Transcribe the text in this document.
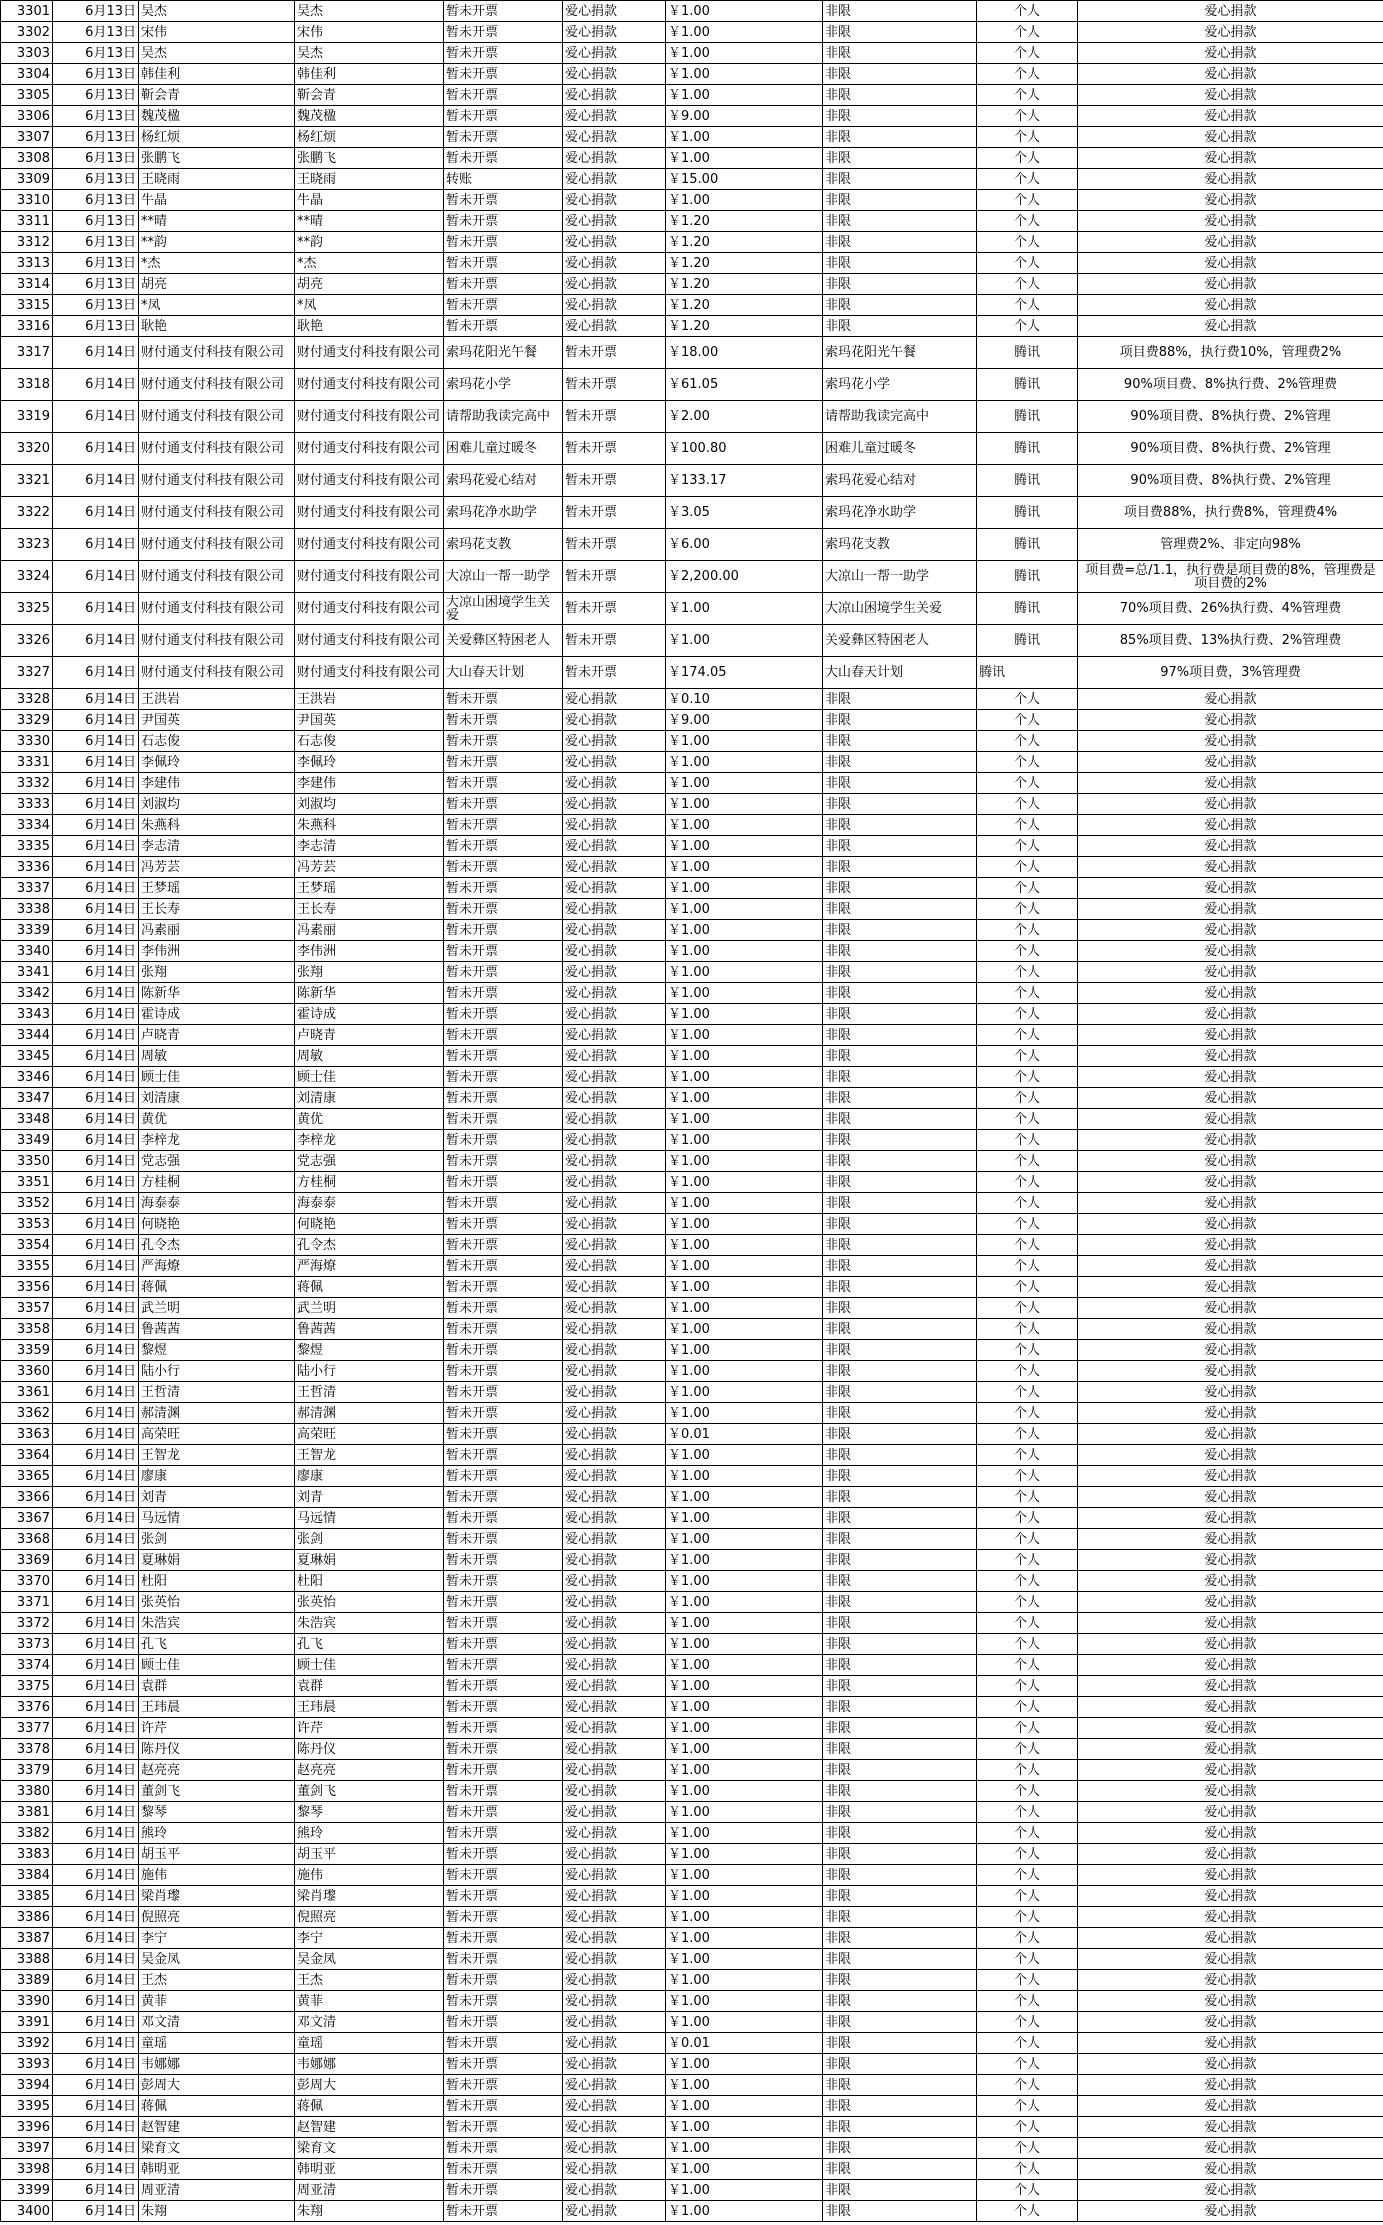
3301	6月13日	吴杰	吴杰	暂未开票	爱心捐款	￥1.00	非限	个人	爱心捐款
3302	6月13日	宋伟	宋伟	暂未开票	爱心捐款	￥1.00	非限	个人	爱心捐款
3303	6月13日	吴杰	吴杰	暂未开票	爱心捐款	￥1.00	非限	个人	爱心捐款
3304	6月13日	韩佳利	韩佳利	暂未开票	爱心捐款	￥1.00	非限	个人	爱心捐款
3305	6月13日	靳会青	靳会青	暂未开票	爱心捐款	￥1.00	非限	个人	爱心捐款
3306	6月13日	魏茂楹	魏茂楹	暂未开票	爱心捐款	￥9.00	非限	个人	爱心捐款
3307	6月13日	杨红烦	杨红烦	暂未开票	爱心捐款	￥1.00	非限	个人	爱心捐款
3308	6月13日	张鹏飞	张鹏飞	暂未开票	爱心捐款	￥1.00	非限	个人	爱心捐款
3309	6月13日	王晓雨	王晓雨	转账	爱心捐款	￥15.00	非限	个人	爱心捐款
3310	6月13日	牛晶	牛晶	暂未开票	爱心捐款	￥1.00	非限	个人	爱心捐款
3311	6月13日	**晴	**晴	暂未开票	爱心捐款	￥1.20	非限	个人	爱心捐款
3312	6月13日	**韵	**韵	暂未开票	爱心捐款	￥1.20	非限	个人	爱心捐款
3313	6月13日	*杰	*杰	暂未开票	爱心捐款	￥1.20	非限	个人	爱心捐款
3314	6月13日	胡亮	胡亮	暂未开票	爱心捐款	￥1.20	非限	个人	爱心捐款
3315	6月13日	*凤	*凤	暂未开票	爱心捐款	￥1.20	非限	个人	爱心捐款
3316	6月13日	耿艳	耿艳	暂未开票	爱心捐款	￥1.20	非限	个人	爱心捐款
3317	6月14日	财付通支付科技有限公司	财付通支付科技有限公司	索玛花阳光午餐	暂未开票	￥18.00	索玛花阳光午餐	腾讯	项目费88%，执行费10%，管理费2%
3318	6月14日	财付通支付科技有限公司	财付通支付科技有限公司	索玛花小学	暂未开票	￥61.05	索玛花小学	腾讯	90%项目费、8%执行费、2%管理费
3319	6月14日	财付通支付科技有限公司	财付通支付科技有限公司	请帮助我读完高中	暂未开票	￥2.00	请帮助我读完高中	腾讯	90%项目费、8%执行费、2%管理
3320	6月14日	财付通支付科技有限公司	财付通支付科技有限公司	困难儿童过暖冬	暂未开票	￥100.80	困难儿童过暖冬	腾讯	90%项目费、8%执行费、2%管理
3321	6月14日	财付通支付科技有限公司	财付通支付科技有限公司	索玛花爱心结对	暂未开票	￥133.17	索玛花爱心结对	腾讯	90%项目费、8%执行费、2%管理
3322	6月14日	财付通支付科技有限公司	财付通支付科技有限公司	索玛花净水助学	暂未开票	￥3.05	索玛花净水助学	腾讯	项目费88%，执行费8%，管理费4%
3323	6月14日	财付通支付科技有限公司	财付通支付科技有限公司	索玛花支教	暂未开票	￥6.00	索玛花支教	腾讯	管理费2%、非定向98%
3324	6月14日	财付通支付科技有限公司	财付通支付科技有限公司	大凉山一帮一助学	暂未开票	￥2,200.00	大凉山一帮一助学	腾讯	项目费=总/1.1，执行费是项目费的8%，管理费是项目费的2%
3325	6月14日	财付通支付科技有限公司	财付通支付科技有限公司	大凉山困境学生关爱	暂未开票	￥1.00	大凉山困境学生关爱	腾讯	70%项目费、26%执行费、4%管理费
3326	6月14日	财付通支付科技有限公司	财付通支付科技有限公司	关爱彝区特困老人	暂未开票	￥1.00	关爱彝区特困老人	腾讯	85%项目费、13%执行费、2%管理费
3327	6月14日	财付通支付科技有限公司	财付通支付科技有限公司	大山春天计划	暂未开票	￥174.05	大山春天计划	腾讯	97%项目费，3%管理费
3328	6月14日	王洪岩	王洪岩	暂未开票	爱心捐款	￥0.10	非限	个人	爱心捐款
3329	6月14日	尹国英	尹国英	暂未开票	爱心捐款	￥9.00	非限	个人	爱心捐款
3330	6月14日	石志俊	石志俊	暂未开票	爱心捐款	￥1.00	非限	个人	爱心捐款
3331	6月14日	李佩玲	李佩玲	暂未开票	爱心捐款	￥1.00	非限	个人	爱心捐款
3332	6月14日	李建伟	李建伟	暂未开票	爱心捐款	￥1.00	非限	个人	爱心捐款
3333	6月14日	刘淑均	刘淑均	暂未开票	爱心捐款	￥1.00	非限	个人	爱心捐款
3334	6月14日	朱燕科	朱燕科	暂未开票	爱心捐款	￥1.00	非限	个人	爱心捐款
3335	6月14日	李志清	李志清	暂未开票	爱心捐款	￥1.00	非限	个人	爱心捐款
3336	6月14日	冯芳芸	冯芳芸	暂未开票	爱心捐款	￥1.00	非限	个人	爱心捐款
3337	6月14日	王梦瑶	王梦瑶	暂未开票	爱心捐款	￥1.00	非限	个人	爱心捐款
3338	6月14日	王长寿	王长寿	暂未开票	爱心捐款	￥1.00	非限	个人	爱心捐款
3339	6月14日	冯素丽	冯素丽	暂未开票	爱心捐款	￥1.00	非限	个人	爱心捐款
3340	6月14日	李伟洲	李伟洲	暂未开票	爱心捐款	￥1.00	非限	个人	爱心捐款
3341	6月14日	张翔	张翔	暂未开票	爱心捐款	￥1.00	非限	个人	爱心捐款
3342	6月14日	陈新华	陈新华	暂未开票	爱心捐款	￥1.00	非限	个人	爱心捐款
3343	6月14日	霍诗成	霍诗成	暂未开票	爱心捐款	￥1.00	非限	个人	爱心捐款
3344	6月14日	卢晓青	卢晓青	暂未开票	爱心捐款	￥1.00	非限	个人	爱心捐款
3345	6月14日	周敏	周敏	暂未开票	爱心捐款	￥1.00	非限	个人	爱心捐款
3346	6月14日	顾士佳	顾士佳	暂未开票	爱心捐款	￥1.00	非限	个人	爱心捐款
3347	6月14日	刘清康	刘清康	暂未开票	爱心捐款	￥1.00	非限	个人	爱心捐款
3348	6月14日	黄优	黄优	暂未开票	爱心捐款	￥1.00	非限	个人	爱心捐款
3349	6月14日	李梓龙	李梓龙	暂未开票	爱心捐款	￥1.00	非限	个人	爱心捐款
3350	6月14日	党志强	党志强	暂未开票	爱心捐款	￥1.00	非限	个人	爱心捐款
3351	6月14日	方桂桐	方桂桐	暂未开票	爱心捐款	￥1.00	非限	个人	爱心捐款
3352	6月14日	海泰泰	海泰泰	暂未开票	爱心捐款	￥1.00	非限	个人	爱心捐款
3353	6月14日	何晓艳	何晓艳	暂未开票	爱心捐款	￥1.00	非限	个人	爱心捐款
3354	6月14日	孔令杰	孔令杰	暂未开票	爱心捐款	￥1.00	非限	个人	爱心捐款
3355	6月14日	严海燎	严海燎	暂未开票	爱心捐款	￥1.00	非限	个人	爱心捐款
3356	6月14日	蒋佩	蒋佩	暂未开票	爱心捐款	￥1.00	非限	个人	爱心捐款
3357	6月14日	武兰明	武兰明	暂未开票	爱心捐款	￥1.00	非限	个人	爱心捐款
3358	6月14日	鲁茜茜	鲁茜茜	暂未开票	爱心捐款	￥1.00	非限	个人	爱心捐款
3359	6月14日	黎煜	黎煜	暂未开票	爱心捐款	￥1.00	非限	个人	爱心捐款
3360	6月14日	陆小行	陆小行	暂未开票	爱心捐款	￥1.00	非限	个人	爱心捐款
3361	6月14日	王哲清	王哲清	暂未开票	爱心捐款	￥1.00	非限	个人	爱心捐款
3362	6月14日	郝清渊	郝清渊	暂未开票	爱心捐款	￥1.00	非限	个人	爱心捐款
3363	6月14日	高荣旺	高荣旺	暂未开票	爱心捐款	￥0.01	非限	个人	爱心捐款
3364	6月14日	王智龙	王智龙	暂未开票	爱心捐款	￥1.00	非限	个人	爱心捐款
3365	6月14日	廖康	廖康	暂未开票	爱心捐款	￥1.00	非限	个人	爱心捐款
3366	6月14日	刘青	刘青	暂未开票	爱心捐款	￥1.00	非限	个人	爱心捐款
3367	6月14日	马远情	马远情	暂未开票	爱心捐款	￥1.00	非限	个人	爱心捐款
3368	6月14日	张剑	张剑	暂未开票	爱心捐款	￥1.00	非限	个人	爱心捐款
3369	6月14日	夏琳娟	夏琳娟	暂未开票	爱心捐款	￥1.00	非限	个人	爱心捐款
3370	6月14日	杜阳	杜阳	暂未开票	爱心捐款	￥1.00	非限	个人	爱心捐款
3371	6月14日	张英怡	张英怡	暂未开票	爱心捐款	￥1.00	非限	个人	爱心捐款
3372	6月14日	朱浩宾	朱浩宾	暂未开票	爱心捐款	￥1.00	非限	个人	爱心捐款
3373	6月14日	孔飞	孔飞	暂未开票	爱心捐款	￥1.00	非限	个人	爱心捐款
3374	6月14日	顾士佳	顾士佳	暂未开票	爱心捐款	￥1.00	非限	个人	爱心捐款
3375	6月14日	袁群	袁群	暂未开票	爱心捐款	￥1.00	非限	个人	爱心捐款
3376	6月14日	王玮晨	王玮晨	暂未开票	爱心捐款	￥1.00	非限	个人	爱心捐款
3377	6月14日	许芹	许芹	暂未开票	爱心捐款	￥1.00	非限	个人	爱心捐款
3378	6月14日	陈丹仪	陈丹仪	暂未开票	爱心捐款	￥1.00	非限	个人	爱心捐款
3379	6月14日	赵亮亮	赵亮亮	暂未开票	爱心捐款	￥1.00	非限	个人	爱心捐款
3380	6月14日	董剑飞	董剑飞	暂未开票	爱心捐款	￥1.00	非限	个人	爱心捐款
3381	6月14日	黎琴	黎琴	暂未开票	爱心捐款	￥1.00	非限	个人	爱心捐款
3382	6月14日	熊玲	熊玲	暂未开票	爱心捐款	￥1.00	非限	个人	爱心捐款
3383	6月14日	胡玉平	胡玉平	暂未开票	爱心捐款	￥1.00	非限	个人	爱心捐款
3384	6月14日	施伟	施伟	暂未开票	爱心捐款	￥1.00	非限	个人	爱心捐款
3385	6月14日	梁肖瓈	梁肖瓈	暂未开票	爱心捐款	￥1.00	非限	个人	爱心捐款
3386	6月14日	倪照亮	倪照亮	暂未开票	爱心捐款	￥1.00	非限	个人	爱心捐款
3387	6月14日	李宁	李宁	暂未开票	爱心捐款	￥1.00	非限	个人	爱心捐款
3388	6月14日	吴金凤	吴金凤	暂未开票	爱心捐款	￥1.00	非限	个人	爱心捐款
3389	6月14日	王杰	王杰	暂未开票	爱心捐款	￥1.00	非限	个人	爱心捐款
3390	6月14日	黄菲	黄菲	暂未开票	爱心捐款	￥1.00	非限	个人	爱心捐款
3391	6月14日	邓文清	邓文清	暂未开票	爱心捐款	￥1.00	非限	个人	爱心捐款
3392	6月14日	童瑶	童瑶	暂未开票	爱心捐款	￥0.01	非限	个人	爱心捐款
3393	6月14日	韦娜娜	韦娜娜	暂未开票	爱心捐款	￥1.00	非限	个人	爱心捐款
3394	6月14日	彭周大	彭周大	暂未开票	爱心捐款	￥1.00	非限	个人	爱心捐款
3395	6月14日	蒋佩	蒋佩	暂未开票	爱心捐款	￥1.00	非限	个人	爱心捐款
3396	6月14日	赵智建	赵智建	暂未开票	爱心捐款	￥1.00	非限	个人	爱心捐款
3397	6月14日	梁育文	梁育文	暂未开票	爱心捐款	￥1.00	非限	个人	爱心捐款
3398	6月14日	韩明亚	韩明亚	暂未开票	爱心捐款	￥1.00	非限	个人	爱心捐款
3399	6月14日	周亚清	周亚清	暂未开票	爱心捐款	￥1.00	非限	个人	爱心捐款
3400	6月14日	朱翔	朱翔	暂未开票	爱心捐款	￥1.00	非限	个人	爱心捐款
